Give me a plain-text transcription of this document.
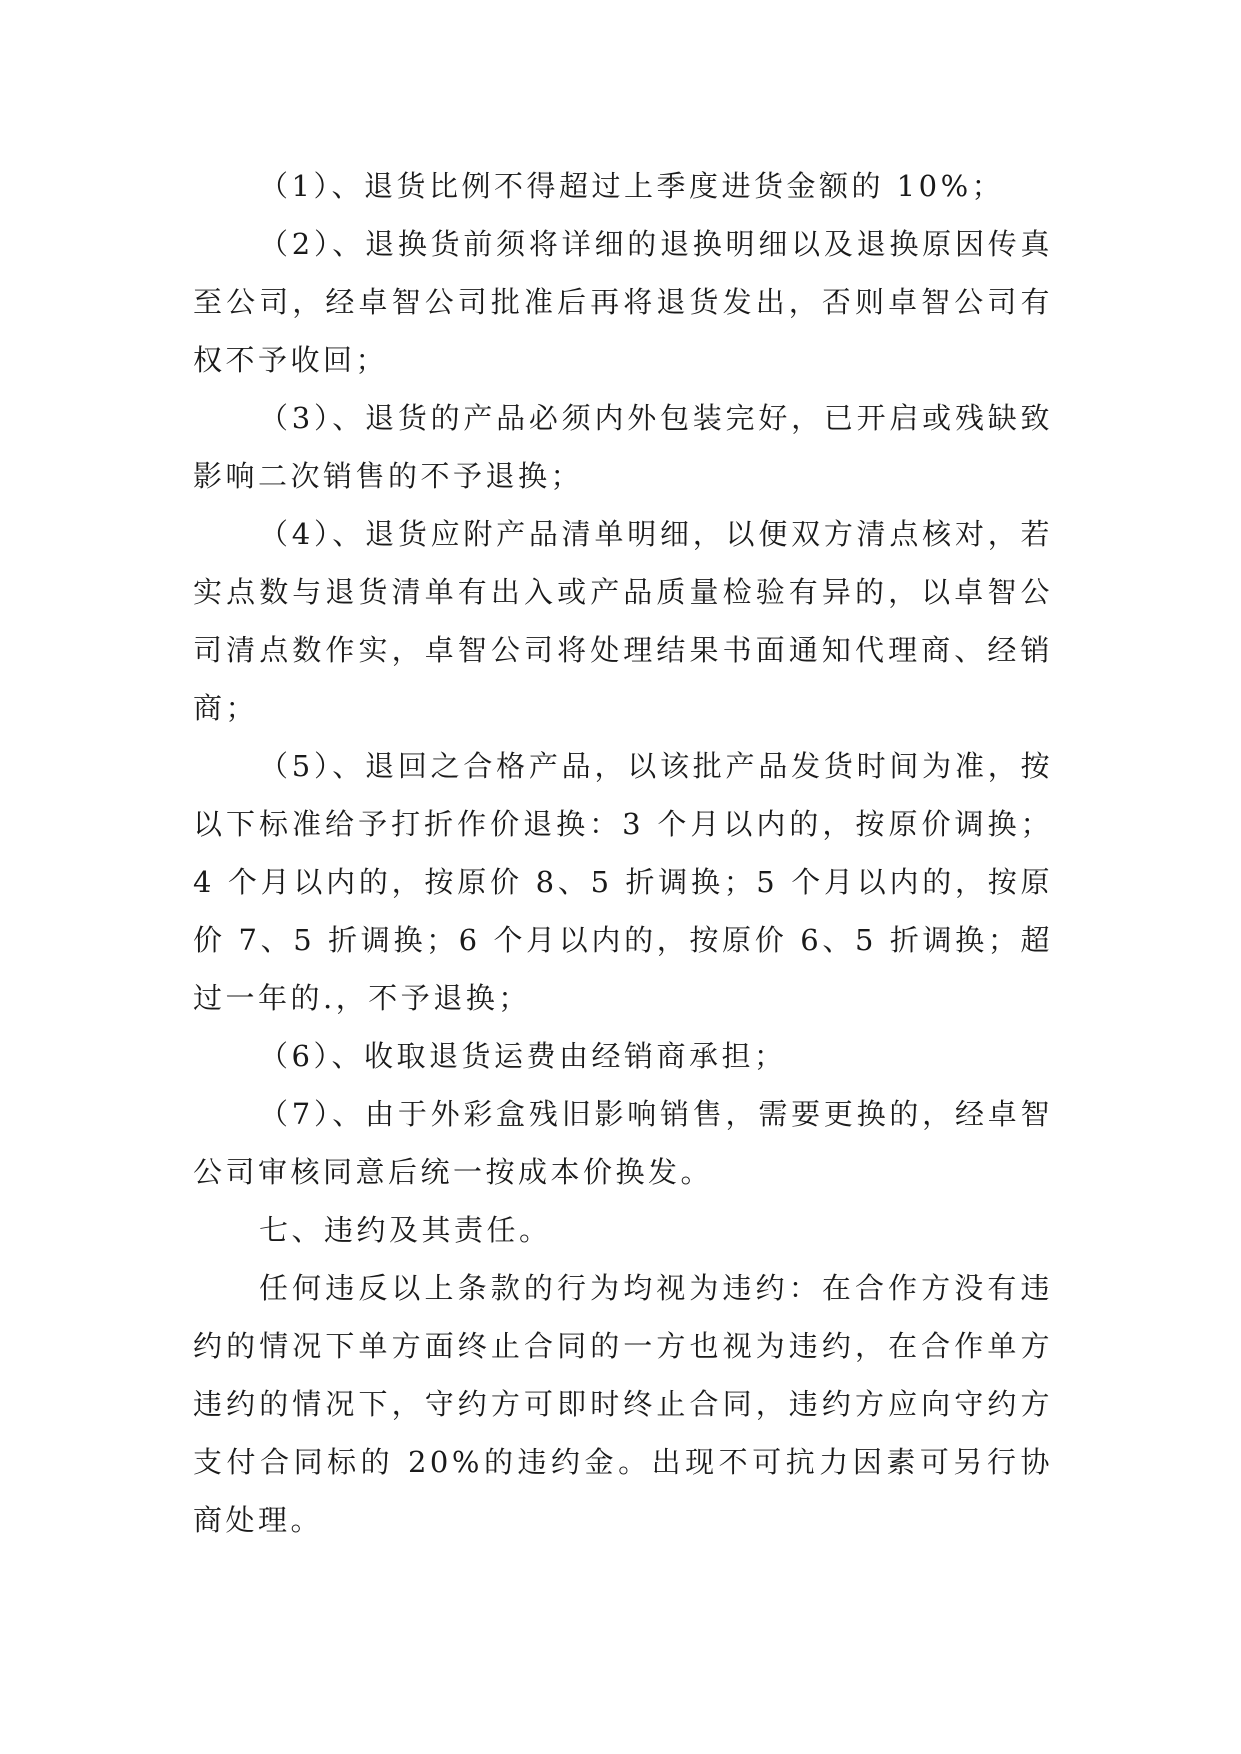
（1）、退货比例不得超过上季度进货金额的 10%；

（2）、退换货前须将详细的退换明细以及退换原因传真至公司，经卓智公司批准后再将退货发出，否则卓智公司有权不予收回；

（3）、退货的产品必须内外包装完好，已开启或残缺致影响二次销售的不予退换；

（4）、退货应附产品清单明细，以便双方清点核对，若实点数与退货清单有出入或产品质量检验有异的，以卓智公司清点数作实，卓智公司将处理结果书面通知代理商、经销商；

（5）、退回之合格产品，以该批产品发货时间为准，按以下标准给予打折作价退换：3 个月以内的，按原价调换；4 个月以内的，按原价 8、5 折调换；5 个月以内的，按原价 7、5 折调换；6 个月以内的，按原价 6、5 折调换；超过一年的.，不予退换；

（6）、收取退货运费由经销商承担；

（7）、由于外彩盒残旧影响销售，需要更换的，经卓智公司审核同意后统一按成本价换发。

七、违约及其责任。

任何违反以上条款的行为均视为违约：在合作方没有违约的情况下单方面终止合同的一方也视为违约，在合作单方违约的情况下，守约方可即时终止合同，违约方应向守约方支付合同标的 20%的违约金。出现不可抗力因素可另行协商处理。
